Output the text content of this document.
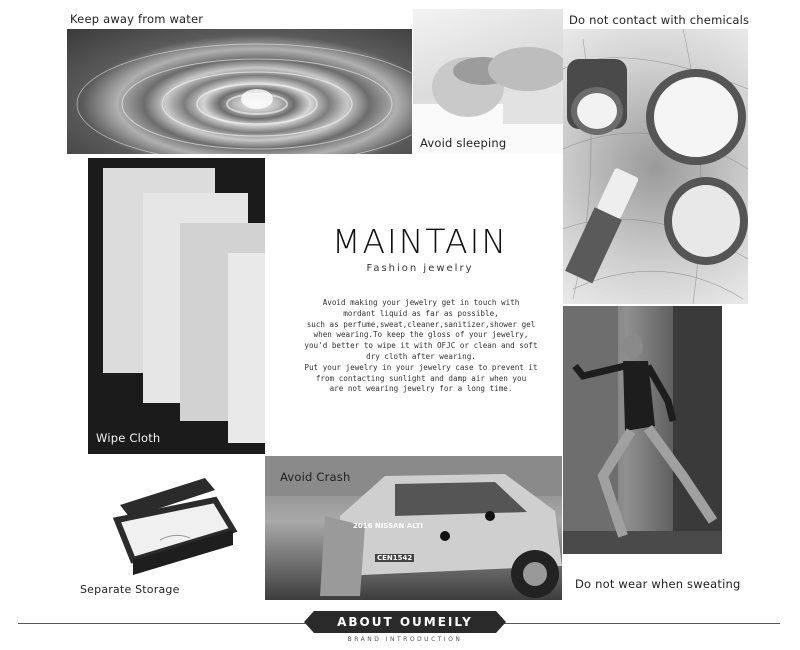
Keep away from water
Avoid sleeping
Do not contact with chemicals
Wipe Cloth
MAINTAIN
Fashion jewelry
Avoid making your jewelry get in touch with
mordant liquid as far as possible,
such as perfume,sweat,cleaner,sanitizer,shower gel
when wearing.To keep the gloss of your jewelry,
you'd better to wipe it with OFJC or clean and soft
dry cloth after wearing.
Put your jewelry in your jewelry case to prevent it
from contacting sunlight and damp air when you
are not wearing jewelry for a long time.
Separate Storage
2016 NISSAN ALTI
CEN1542
Avoid Crash
Do not wear when sweating
ABOUT OUMEILY
BRAND INTRODUCTION
